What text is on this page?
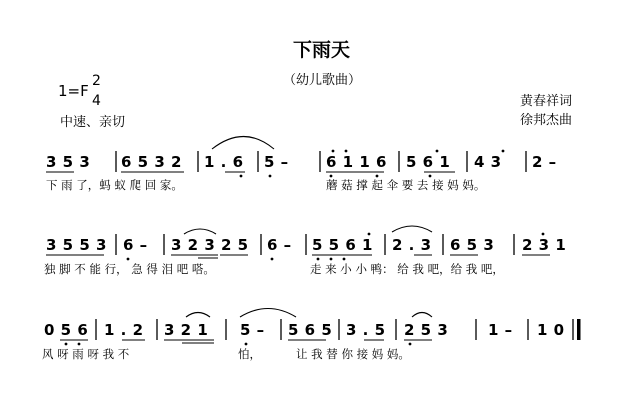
下雨天
（幼儿歌曲）
1=F
2
4
中速、亲切
黄春祥词
徐邦杰曲
3 5 3 6 5 3 2 1 . 6 5 – 6 1 1 6 5 6 1 4 3 2 –
下 雨 了，蚂 蚁 爬 回 家。	蘑 菇 撑 起 伞 要 去 接 妈 妈。
3 5 5 3 6 – 3 2 3 2 5 6 – 5 5 6 1 2 . 3 6 5 3 2 3 1
独 脚 不 能 行， 急 得 泪 吧 嗒。	走 来 小 小 鸭： 给 我 吧，给 我 吧，
0 5 6 1 . 2 3 2 1 5 – 5 6 5 3 . 5 2 5 3	1 – 1 0
风 呀 雨 呀 我 不	怕，	让 我 替 你 接 妈 妈。
